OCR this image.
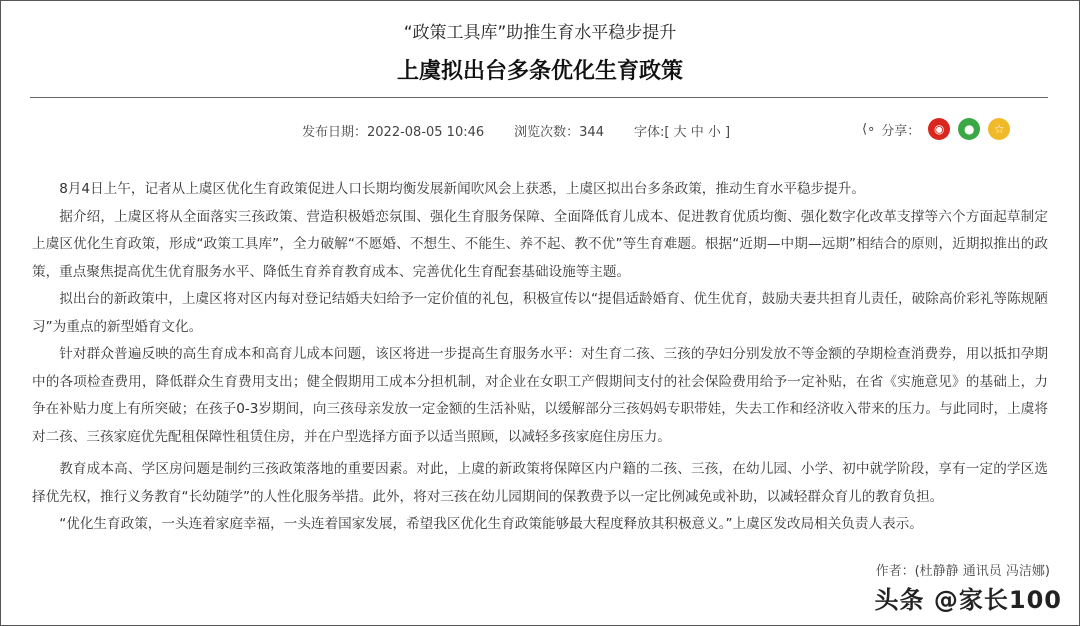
“政策工具库”助推生育水平稳步提升
上虞拟出台多条优化生育政策
发布日期：2022-08-05 10:46 浏览次数：344 字体:[ 大 中 小 ]	⟨∘ 分享：	◉	●	☆

8月4日上午，记者从上虞区优化生育政策促进人口长期均衡发展新闻吹风会上获悉，上虞区拟出台多条政策，推动生育水平稳步提升。

据介绍，上虞区将从全面落实三孩政策、营造积极婚恋氛围、强化生育服务保障、全面降低育儿成本、促进教育优质均衡、强化数字化改革支撑等六个方面起草制定上虞区优化生育政策，形成“政策工具库”，全力破解“不愿婚、不想生、不能生、养不起、教不优”等生育难题。根据“近期—中期—远期”相结合的原则，近期拟推出的政策，重点聚焦提高优生优育服务水平、降低生育养育教育成本、完善优化生育配套基础设施等主题。

拟出台的新政策中，上虞区将对区内每对登记结婚夫妇给予一定价值的礼包，积极宣传以“提倡适龄婚育、优生优育，鼓励夫妻共担育儿责任，破除高价彩礼等陈规陋习”为重点的新型婚育文化。

针对群众普遍反映的高生育成本和高育儿成本问题，该区将进一步提高生育服务水平：对生育二孩、三孩的孕妇分别发放不等金额的孕期检查消费券，用以抵扣孕期中的各项检查费用，降低群众生育费用支出；健全假期用工成本分担机制，对企业在女职工产假期间支付的社会保险费用给予一定补贴，在省《实施意见》的基础上，力争在补贴力度上有所突破；在孩子0-3岁期间，向三孩母亲发放一定金额的生活补贴，以缓解部分三孩妈妈专职带娃，失去工作和经济收入带来的压力。与此同时，上虞将对二孩、三孩家庭优先配租保障性租赁住房，并在户型选择方面予以适当照顾，以减轻多孩家庭住房压力。

教育成本高、学区房问题是制约三孩政策落地的重要因素。对此，上虞的新政策将保障区内户籍的二孩、三孩，在幼儿园、小学、初中就学阶段，享有一定的学区选择优先权，推行义务教育“长幼随学”的人性化服务举措。此外，将对三孩在幼儿园期间的保教费予以一定比例减免或补助，以减轻群众育儿的教育负担。

“优化生育政策，一头连着家庭幸福，一头连着国家发展，希望我区优化生育政策能够最大程度释放其积极意义。”上虞区发改局相关负责人表示。

作者：(杜静静 通讯员 冯洁娜)
头条 @家长100
